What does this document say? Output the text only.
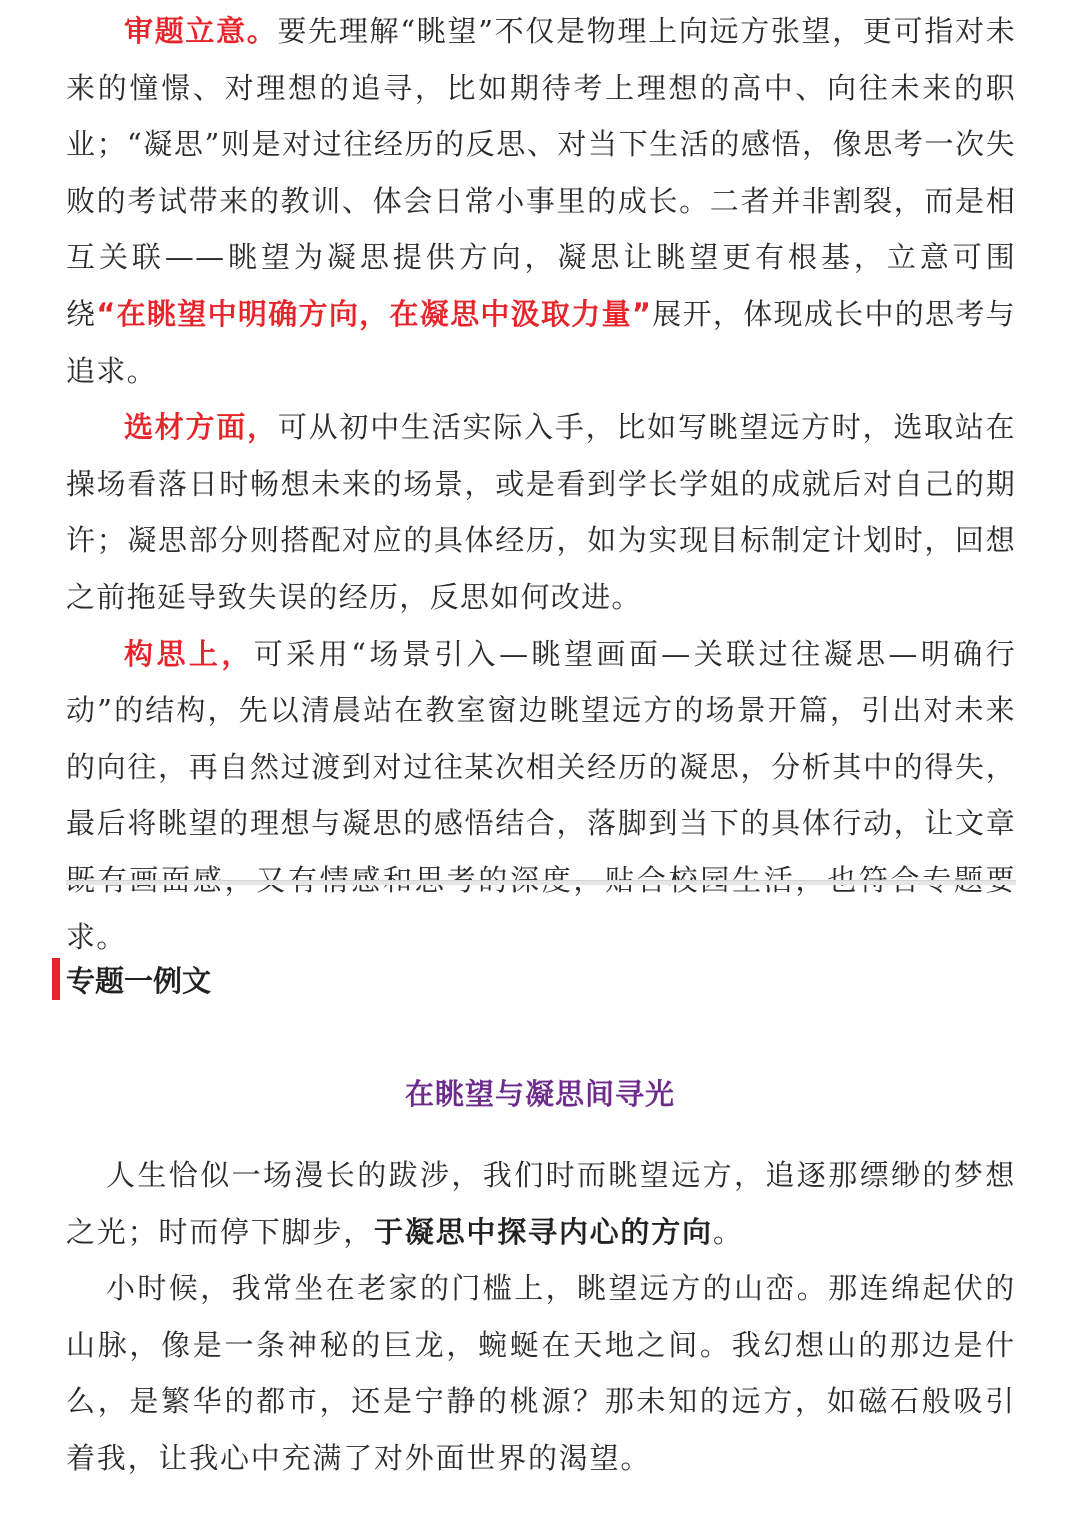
审题立意。要先理解“眺望”不仅是物理上向远方张望，更可指对未来的憧憬、对理想的追寻，比如期待考上理想的高中、向往未来的职业；“凝思”则是对过往经历的反思、对当下生活的感悟，像思考一次失败的考试带来的教训、体会日常小事里的成长。二者并非割裂，而是相互关联——眺望为凝思提供方向，凝思让眺望更有根基，立意可围绕“在眺望中明确方向，在凝思中汲取力量”展开，体现成长中的思考与追求。

选材方面，可从初中生活实际入手，比如写眺望远方时，选取站在操场看落日时畅想未来的场景，或是看到学长学姐的成就后对自己的期许；凝思部分则搭配对应的具体经历，如为实现目标制定计划时，回想之前拖延导致失误的经历，反思如何改进。

构思上，可采用“场景引入—眺望画面—关联过往凝思—明确行动”的结构，先以清晨站在教室窗边眺望远方的场景开篇，引出对未来的向往，再自然过渡到对过往某次相关经历的凝思，分析其中的得失，最后将眺望的理想与凝思的感悟结合，落脚到当下的具体行动，让文章 求。

专题一例文
在眺望与凝思间寻光

人生恰似一场漫长的跋涉，我们时而眺望远方，追逐那缥缈的梦想之光；时而停下脚步，于凝思中探寻内心的方向。

小时候，我常坐在老家的门槛上，眺望远方的山峦。那连绵起伏的山脉，像是一条神秘的巨龙，蜿蜒在天地之间。我幻想山的那边是什么，是繁华的都市，还是宁静的桃源？那未知的远方，如磁石般吸引着我，让我心中充满了对外面世界的渴望。
